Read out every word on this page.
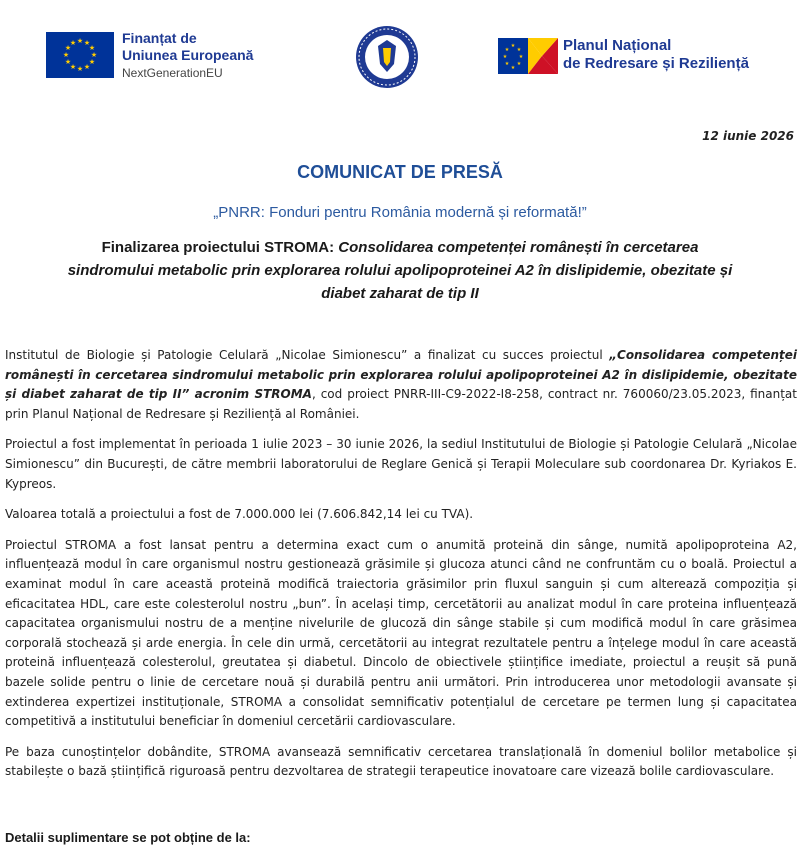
★ ★
★
★
★
★
★
★
★
★
★
★	Finanțat de
Uniunea Europeană
NextGenerationEU
★
★
★
★
★
★
★
★	Planul Național
de Redresare și Reziliență
12 iunie 2026
COMUNICAT DE PRESĂ
„PNRR: Fonduri pentru România modernă și reformată!”
Finalizarea proiectului STROMA: Consolidarea competenței românești în cercetarea sindromului metabolic prin explorarea rolului apolipoproteinei A2 în dislipidemie, obezitate și diabet zaharat de tip II

Institutul de Biologie și Patologie Celulară „Nicolae Simionescu” a finalizat cu succes proiectul „Consolidarea competenței românești în cercetarea sindromului metabolic prin explorarea rolului apolipoproteinei A2 în dislipidemie, obezitate și diabet zaharat de tip II” acronim STROMA, cod proiect PNRR-III-C9-2022-I8-258, contract nr. 760060/23.05.2023, finanțat prin Planul Național de Redresare și Reziliență al României.

Proiectul a fost implementat în perioada 1 iulie 2023 – 30 iunie 2026, la sediul Institutului de Biologie și Patologie Celulară „Nicolae Simionescu” din București, de către membrii laboratorului de Reglare Genică și Terapii Moleculare sub coordonarea Dr. Kyriakos E. Kypreos.

Valoarea totală a proiectului a fost de 7.000.000 lei (7.606.842,14 lei cu TVA).

Proiectul STROMA a fost lansat pentru a determina exact cum o anumită proteină din sânge, numită apolipoproteina A2, influențează modul în care organismul nostru gestionează grăsimile și glucoza atunci când ne confruntăm cu o boală. Proiectul a examinat modul în care această proteină modifică traiectoria grăsimilor prin fluxul sanguin și cum alterează compoziția și eficacitatea HDL, care este colesterolul nostru „bun”. În același timp, cercetătorii au analizat modul în care proteina influențează capacitatea organismului nostru de a menține nivelurile de glucoză din sânge stabile și cum modifică modul în care grăsimea corporală stochează și arde energia. În cele din urmă, cercetătorii au integrat rezultatele pentru a înțelege modul în care această proteină influențează colesterolul, greutatea și diabetul. Dincolo de obiectivele științifice imediate, proiectul a reușit să pună bazele solide pentru o linie de cercetare nouă și durabilă pentru anii următori. Prin introducerea unor metodologii avansate și extinderea expertizei instituționale, STROMA a consolidat semnificativ potențialul de cercetare pe termen lung și capacitatea competitivă a institutului beneficiar în domeniul cercetării cardiovasculare.

Pe baza cunoștințelor dobândite, STROMA avansează semnificativ cercetarea translațională în domeniul bolilor metabolice și stabilește o bază științifică riguroasă pentru dezvoltarea de strategii terapeutice inovatoare care vizează bolile cardiovasculare.

Detalii suplimentare se pot obține de la:
